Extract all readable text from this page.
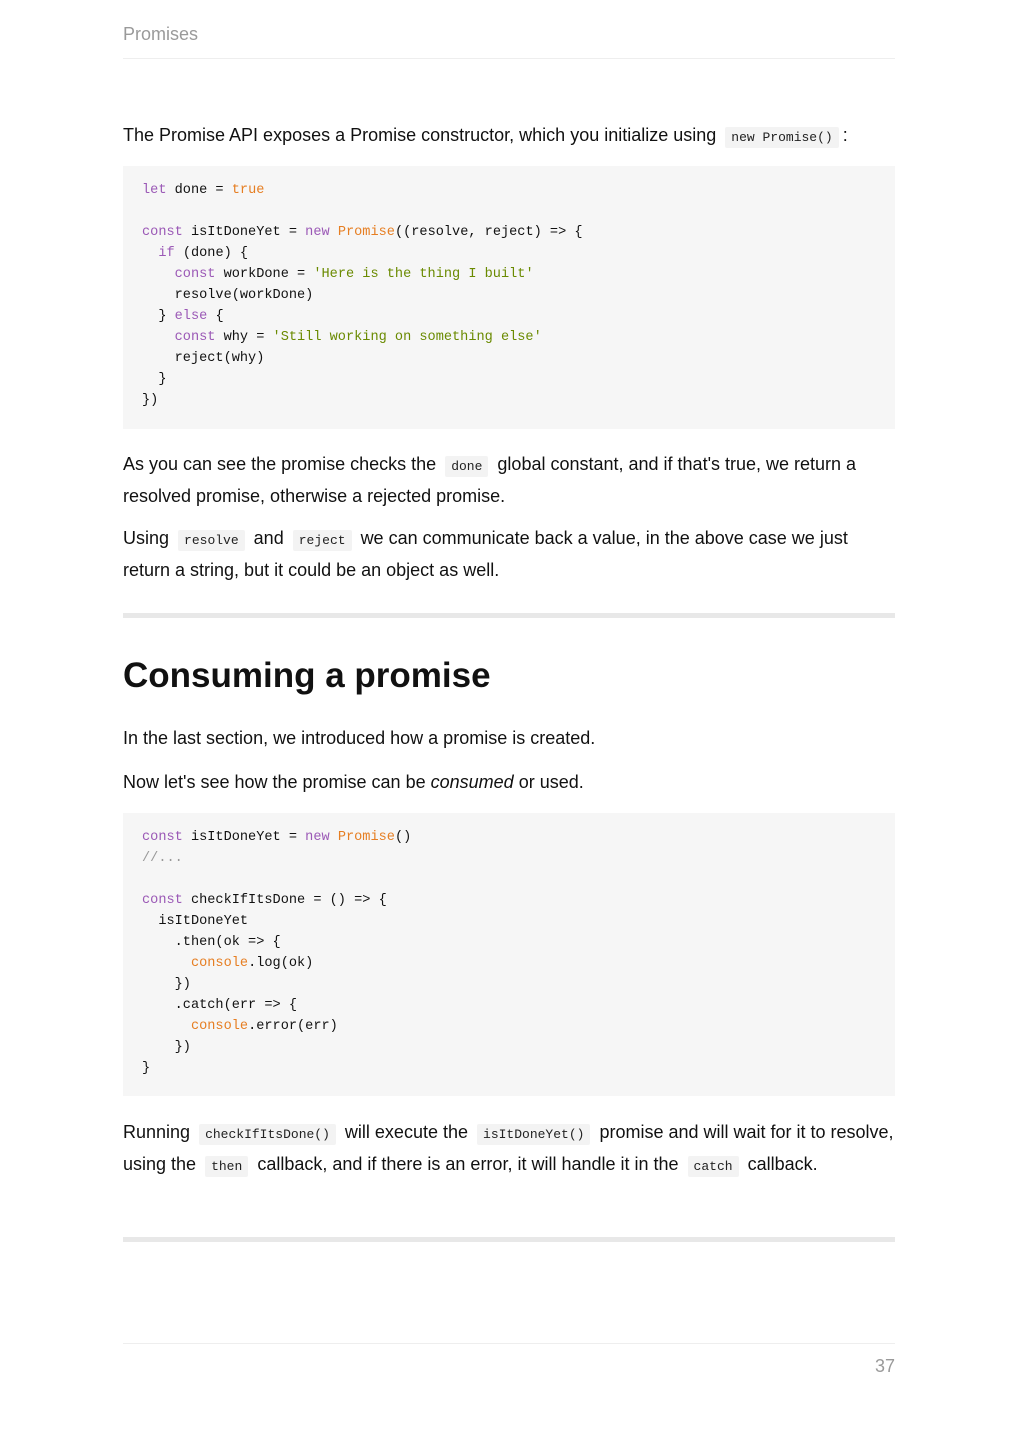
Promises

The Promise API exposes a Promise constructor, which you initialize using new Promise() :

let done = true

const isItDoneYet = new Promise((resolve, reject) => {
if (done) {
const workDone = 'Here is the thing I built'
resolve(workDone)
} else {
const why = 'Still working on something else'
reject(why)
}
})

As you can see the promise checks the done global constant, and if that's true, we return a resolved promise, otherwise a rejected promise.

Using resolve and reject we can communicate back a value, in the above case we just return a string, but it could be an object as well.

Consuming a promise

In the last section, we introduced how a promise is created.

Now let's see how the promise can be consumed or used.

const isItDoneYet = new Promise()
//...

const checkIfItsDone = () => {
isItDoneYet
.then(ok => {
console.log(ok)
})
.catch(err => {
console.error(err)
})
}

Running checkIfItsDone() will execute the isItDoneYet() promise and will wait for it to resolve, using the then callback, and if there is an error, it will handle it in the catch callback.

37
